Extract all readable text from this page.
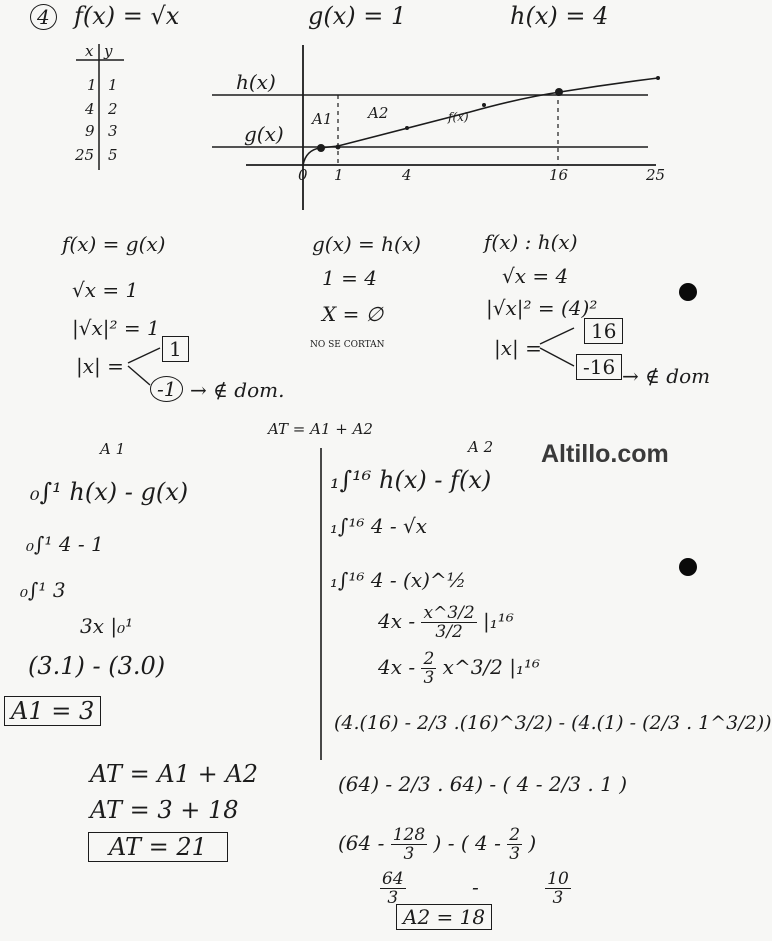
4 f(x) = √x	g(x) = 1	h(x) = 4
x y
1 1
4 2
9 3
25 5
h(x)
g(x)
f(x)
A1 A2
0 1	4	16	25
f(x) = g(x)
√x = 1
|√x|² = 1
|x| =
1
-1 → ∉ dom.
g(x) = h(x)
1 = 4
X = ∅
NO SE CORTAN
f(x) : h(x)
√x = 4
|√x|² = (4)²
|x| =
16
-16 → ∉ dom
AT = A1 + A2
Altillo.com
A 1
₀∫¹ h(x) - g(x)
₀∫¹ 4 - 1
₀∫¹ 3
3x |₀¹
(3.1) - (3.0)
A1 = 3
AT = A1 + A2
AT = 3 + 18
AT = 21
A 2
₁∫¹⁶ h(x) - f(x)
₁∫¹⁶ 4 - √x
₁∫¹⁶ 4 - (x)^½
$4x - \frac{x\^{}3/2}{3/2} |_1^{16}$
$4x - \frac{2}{3}$ x^3/2 |₁¹⁶
(4.(16) - 2/3 .(16)^3/2) - (4.(1) - (2/3 . 1^3/2))
(64) - 2/3 . 64) - ( 4 - 2/3 . 1 )
($64 - \frac{128}{3}$ ) - ( $4 - \frac{2}{3}$ )
$\frac{64}{3}$	-	$\frac{10}{3}$
A2 = 18
